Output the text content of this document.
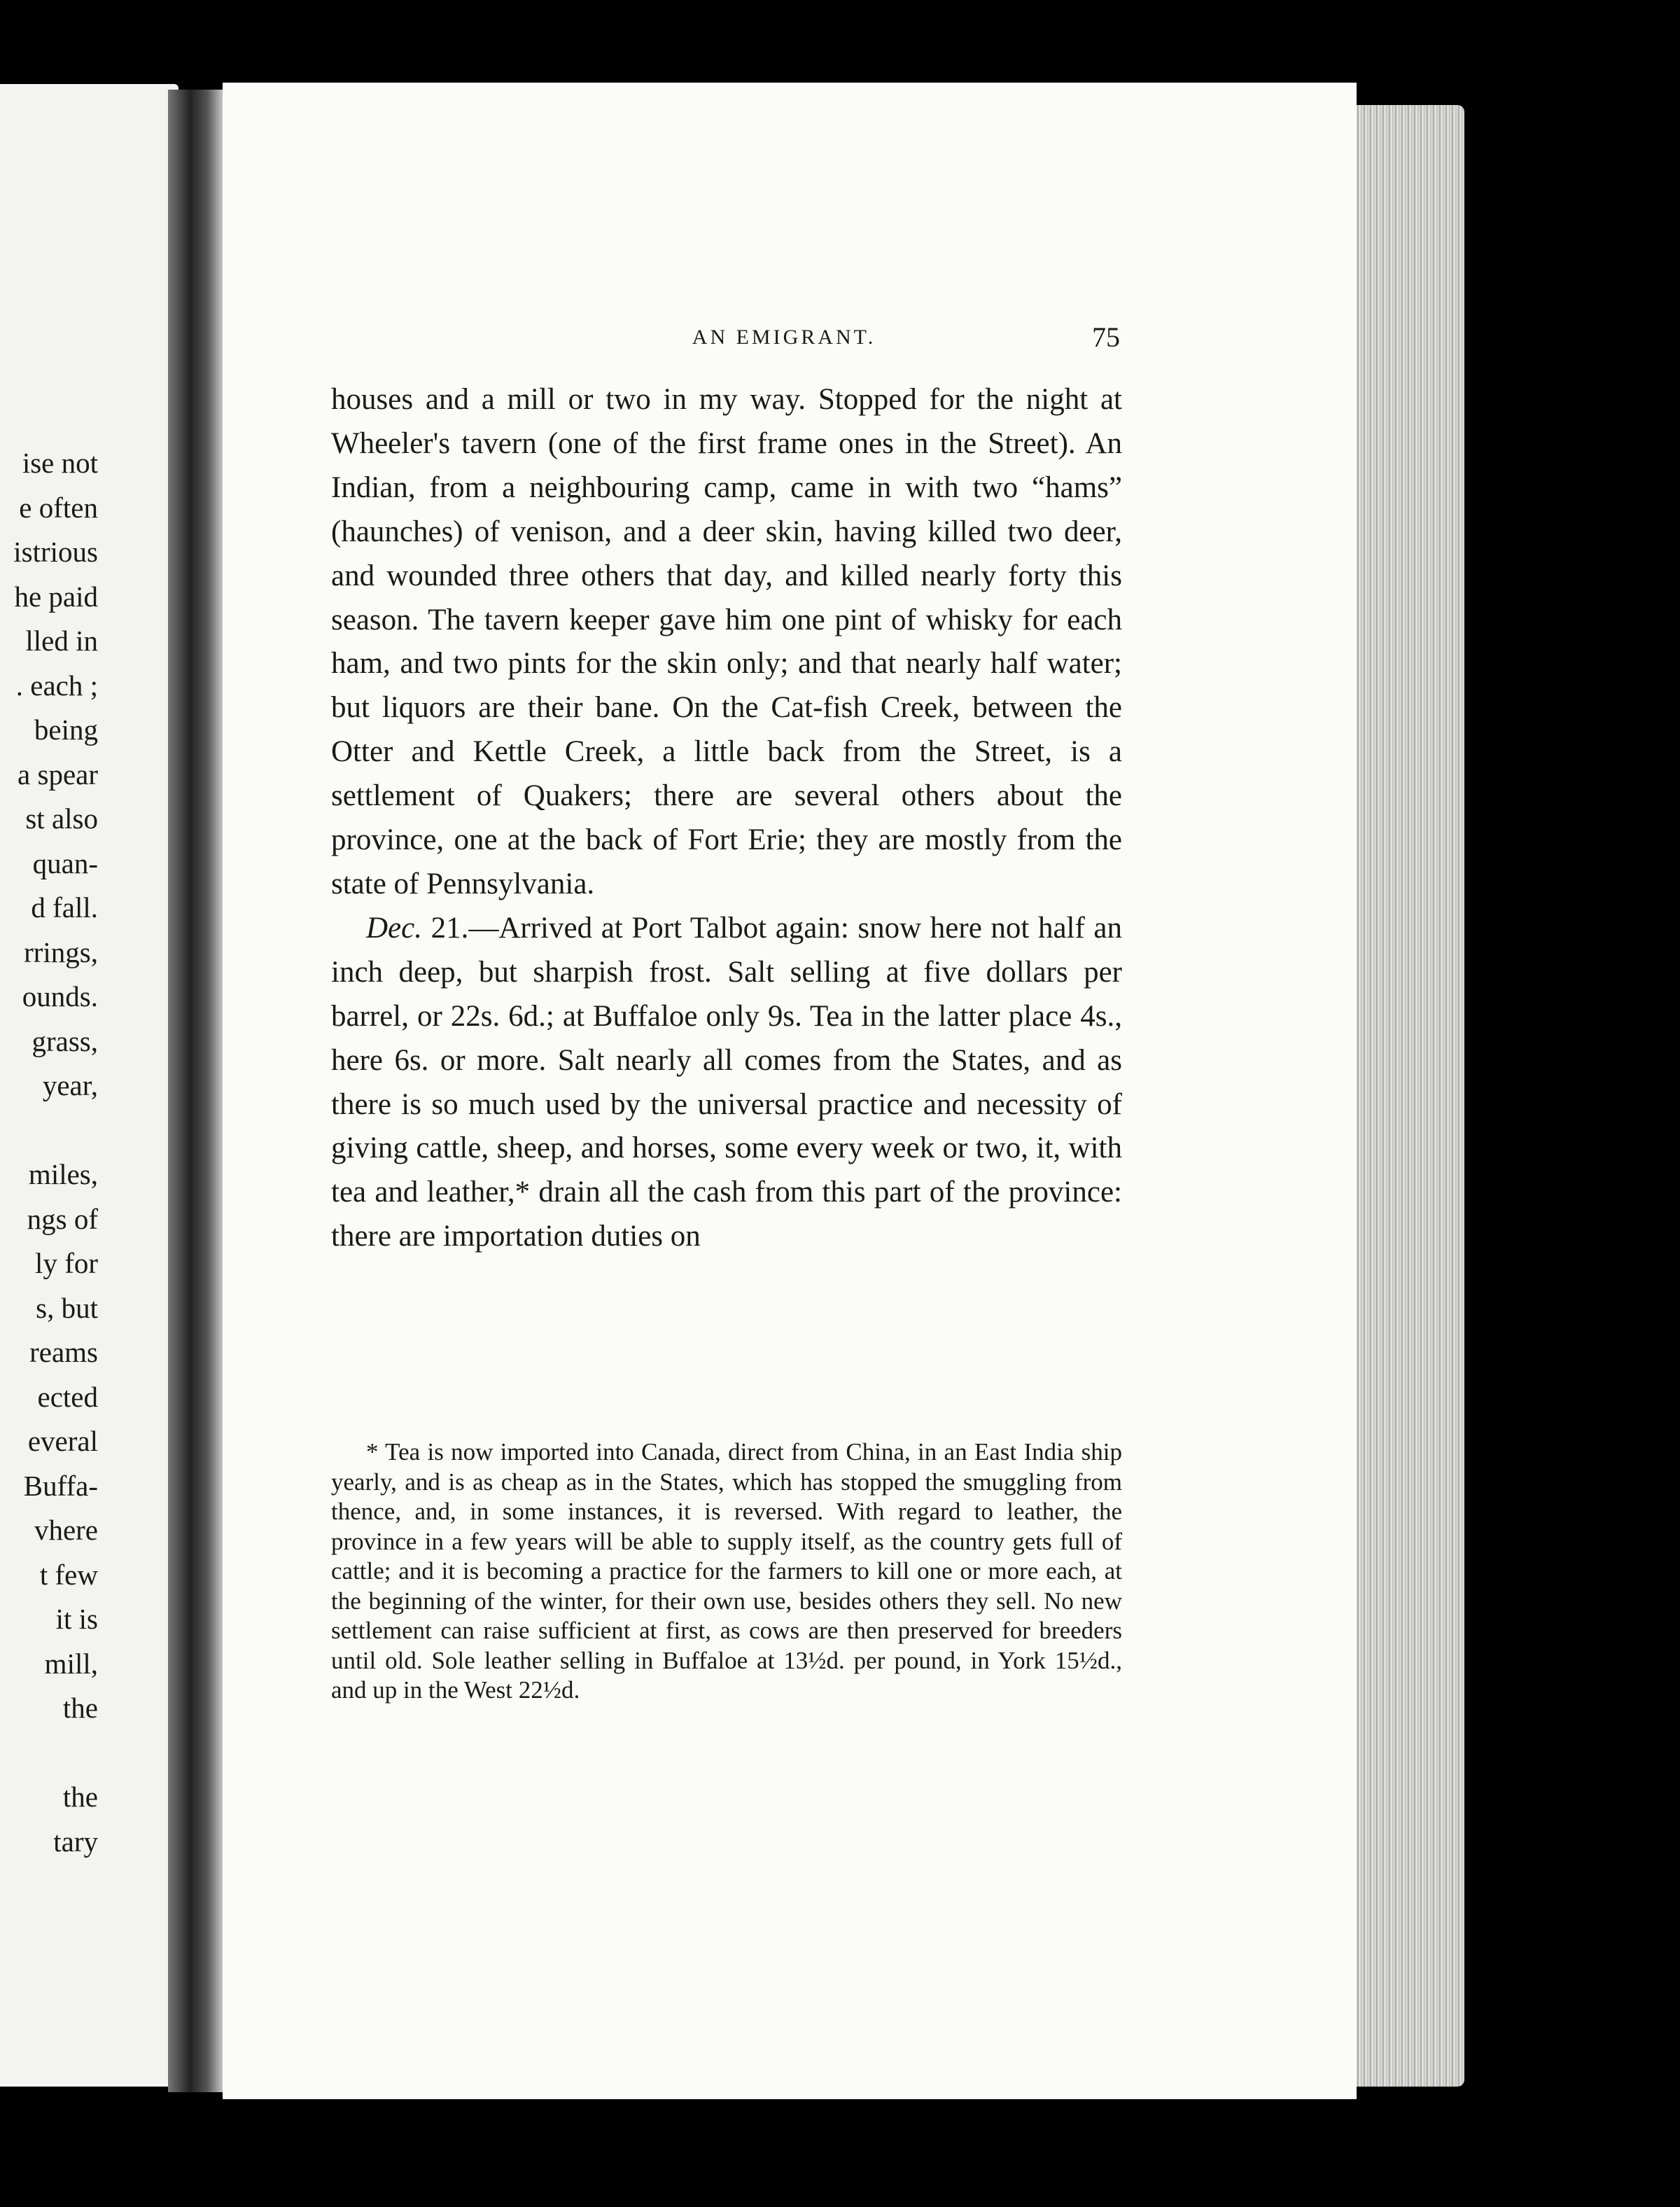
ise not
e often
istrious
he paid
lled in
. each ;
being
a spear
st also
quan-
d fall.
rrings,
ounds.
grass,
year,

miles,
ngs of
ly for
s, but
reams
ected
everal
Buffa-
vhere
t few
it is
mill,
the

the
tary
AN EMIGRANT.	75

houses and a mill or two in my way. Stopped for the night at Wheeler's tavern (one of the first frame ones in the Street). An Indian, from a neighbouring camp, came in with two “hams” (haunches) of venison, and a deer skin, having killed two deer, and wounded three others that day, and killed nearly forty this season. The tavern keeper gave him one pint of whisky for each ham, and two pints for the skin only; and that nearly half water; but liquors are their bane. On the Cat-fish Creek, between the Otter and Kettle Creek, a little back from the Street, is a settlement of Quakers; there are several others about the province, one at the back of Fort Erie; they are mostly from the state of Pennsylvania.

Dec. 21.—Arrived at Port Talbot again: snow here not half an inch deep, but sharpish frost. Salt selling at five dollars per barrel, or 22s. 6d.; at Buffaloe only 9s. Tea in the latter place 4s., here 6s. or more. Salt nearly all comes from the States, and as there is so much used by the universal practice and necessity of giving cattle, sheep, and horses, some every week or two, it, with tea and leather,* drain all the cash from this part of the province: there are importation duties on

* Tea is now imported into Canada, direct from China, in an East India ship yearly, and is as cheap as in the States, which has stopped the smuggling from thence, and, in some instances, it is reversed. With regard to leather, the province in a few years will be able to supply itself, as the country gets full of cattle; and it is becoming a practice for the farmers to kill one or more each, at the beginning of the winter, for their own use, besides others they sell. No new settlement can raise sufficient at first, as cows are then preserved for breeders until old. Sole leather selling in Buffaloe at 13½d. per pound, in York 15½d., and up in the West 22½d.
